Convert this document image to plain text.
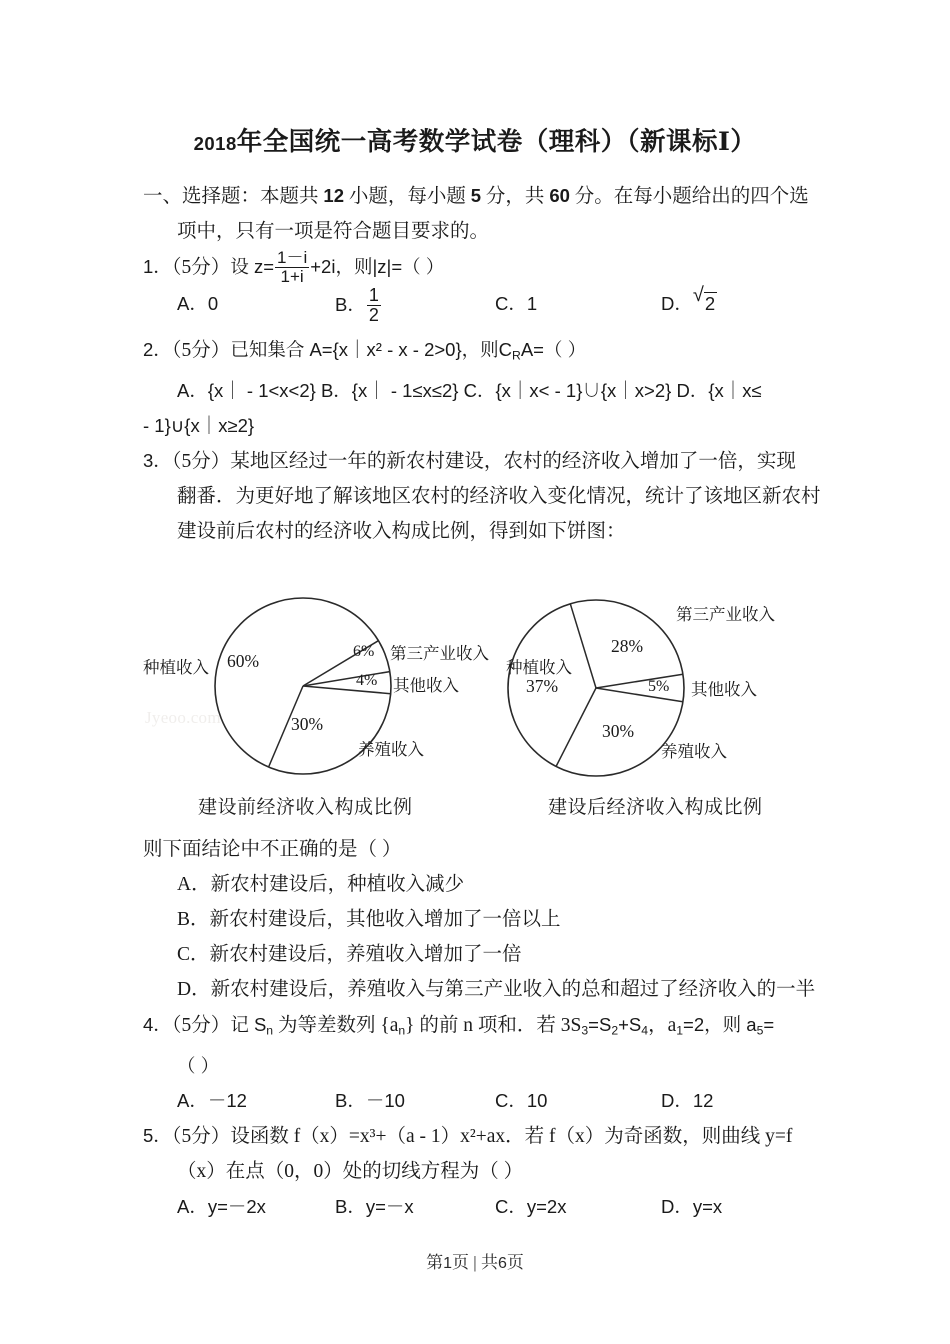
2018年全国统一高考数学试卷（理科）（新课标Ⅰ）
一、选择题：本题共 12 小题，每小题 5 分，共 60 分。在每小题给出的四个选
项中，只有一项是符合题目要求的。
1．（5分）设 $z= \frac{1-i}{1+i} +2i$，则|z|=（ ）
A．0	B． $\frac{1}{2}$	C．1	D． √ 2
2．（5分）已知集合 A={x｜x² - x - 2>0}，则$C_RA=$（ ）
A．{x｜ - 1<x<2} B．{x｜ - 1≤x≤2} C．{x｜x< - 1}∪{x｜x>2} D．{x｜x≤
- 1}∪{x｜x≥2}
3．（5分）某地区经过一年的新农村建设，农村的经济收入增加了一倍，实现
翻番．为更好地了解该地区农村的经济收入变化情况，统计了该地区新农村
建设前后农村的经济收入构成比例，得到如下饼图：
60%	6%
4%
30%
种植收入
第三产业收入
其他收入
养殖收入
Jyeoo.com
建设前经济收入构成比例
28%
37%	5%
30%
第三产业收入
种植收入
其他收入
养殖收入
建设后经济收入构成比例
则下面结论中不正确的是（ ）
A．新农村建设后，种植收入减少
B．新农村建设后，其他收入增加了一倍以上
C．新农村建设后，养殖收入增加了一倍
D．新农村建设后，养殖收入与第三产业收入的总和超过了经济收入的一半
4．（5分）记 $S_n$ 为等差数列 $\{a_n\}$ 的前 n 项和．若 $3S_3=S_2+S_4$，$a_1=2$，则 $a_5=$
（ ）
A．－12	B．－10	C．10	D．12
5．（5分）设函数 f（x）=x³+（a - 1）x²+ax．若 f（x）为奇函数，则曲线 y=f
（x）在点（0，0）处的切线方程为（ ）
A．y=－2x	B．y=－x	C．y=2x	D．y=x
第1页 | 共6页
